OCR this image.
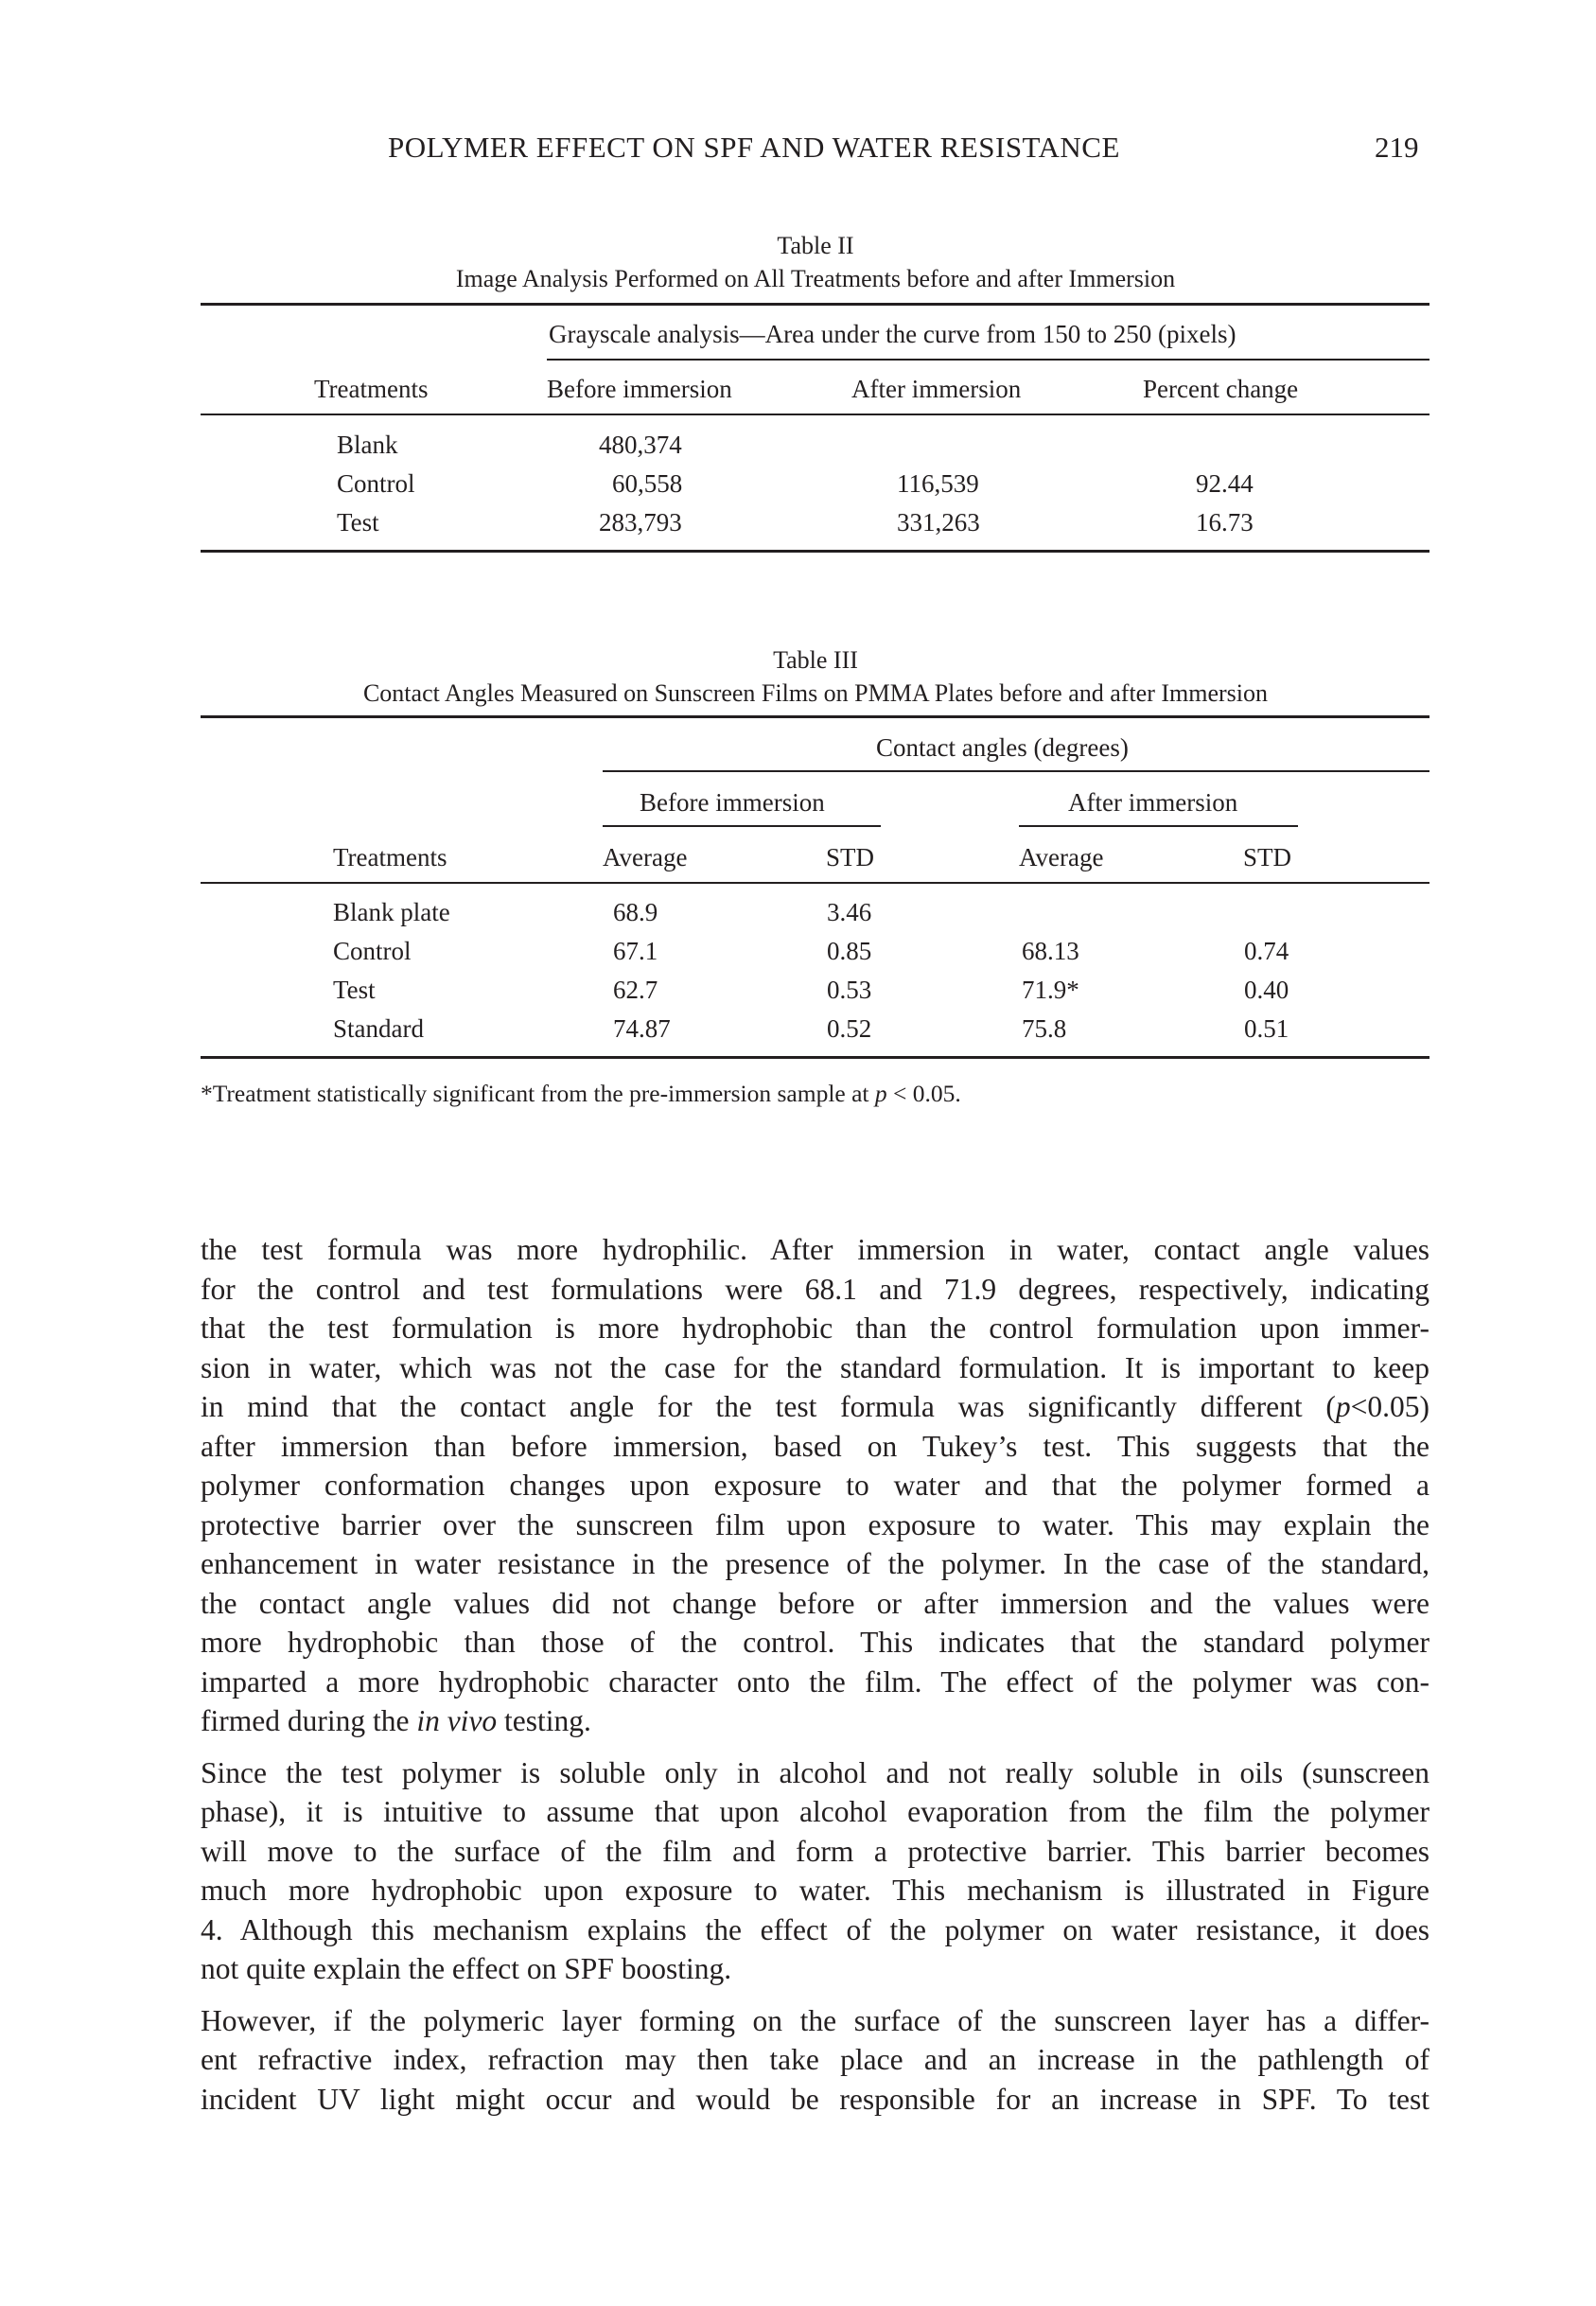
POLYMER EFFECT ON SPF AND WATER RESISTANCE	219
Table II
Image Analysis Performed on All Treatments before and after Immersion
Grayscale analysis—Area under the curve from 150 to 250 (pixels)
Treatments	Before immersion	After immersion	Percent change
Blank	480,374
Control	60,558	116,539	92.44
Test	283,793	331,263	16.73
Table III
Contact Angles Measured on Sunscreen Films on PMMA Plates before and after Immersion
Contact angles (degrees)
Before immersion	After immersion
Treatments	Average	STD	Average	STD
Blank plate	68.9	3.46
Control	67.1	0.85	68.13	0.74
Test	62.7	0.53	71.9*	0.40
Standard	74.87	0.52	75.8	0.51
*Treatment statistically significant from the pre-immersion sample at p < 0.05.

the test formula was more hydrophilic. After immersion in water, contact angle values
for the control and test formulations were 68.1 and 71.9 degrees, respectively, indicating
that the test formulation is more hydrophobic than the control formulation upon immer-
sion in water, which was not the case for the standard formulation. It is important to keep
in mind that the contact angle for the test formula was significantly different (p<0.05)
after immersion than before immersion, based on Tukey’s test. This suggests that the
polymer conformation changes upon exposure to water and that the polymer formed a
protective barrier over the sunscreen film upon exposure to water. This may explain the
enhancement in water resistance in the presence of the polymer. In the case of the standard,
the contact angle values did not change before or after immersion and the values were
more hydrophobic than those of the control. This indicates that the standard polymer
imparted a more hydrophobic character onto the film. The effect of the polymer was con-
firmed during the in vivo testing.

Since the test polymer is soluble only in alcohol and not really soluble in oils (sunscreen
phase), it is intuitive to assume that upon alcohol evaporation from the film the polymer
will move to the surface of the film and form a protective barrier. This barrier becomes
much more hydrophobic upon exposure to water. This mechanism is illustrated in Figure
4. Although this mechanism explains the effect of the polymer on water resistance, it does
not quite explain the effect on SPF boosting.

However, if the polymeric layer forming on the surface of the sunscreen layer has a differ-
ent refractive index, refraction may then take place and an increase in the pathlength of
incident UV light might occur and would be responsible for an increase in SPF. To test
